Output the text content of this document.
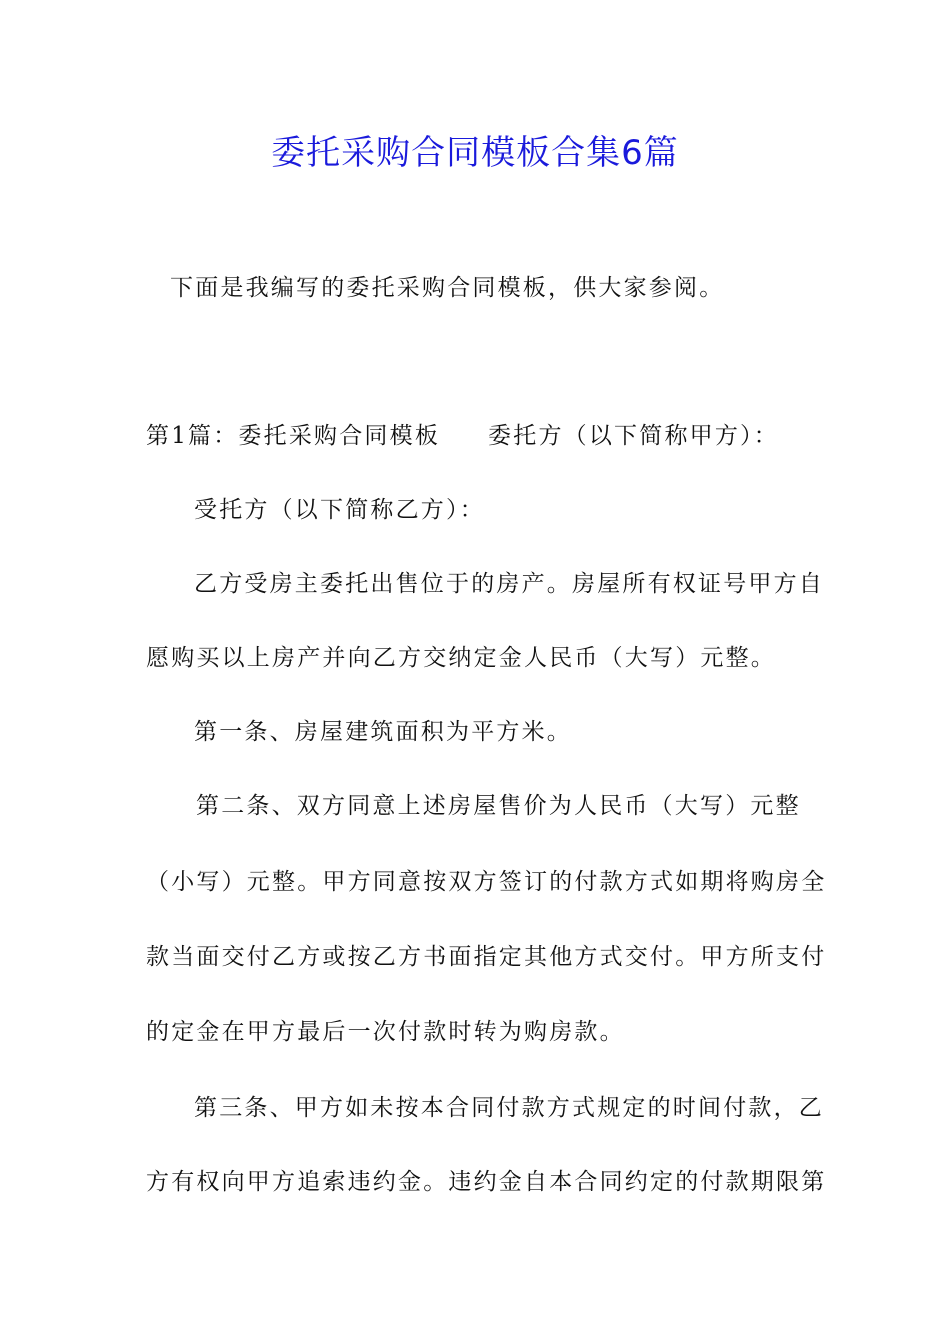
委托采购合同模板合集6篇
下面是我编写的委托采购合同模板，供大家参阅。
第1篇：委托采购合同模板 委托方（以下简称甲方）：
受托方（以下简称乙方）：
乙方受房主委托出售位于的房产。房屋所有权证号甲方自
愿购买以上房产并向乙方交纳定金人民币（大写）元整。
第一条、房屋建筑面积为平方米。
第二条、双方同意上述房屋售价为人民币（大写）元整
（小写）元整。甲方同意按双方签订的付款方式如期将购房全
款当面交付乙方或按乙方书面指定其他方式交付。甲方所支付
的定金在甲方最后一次付款时转为购房款。
第三条、甲方如未按本合同付款方式规定的时间付款，乙
方有权向甲方追索违约金。违约金自本合同约定的付款期限第
